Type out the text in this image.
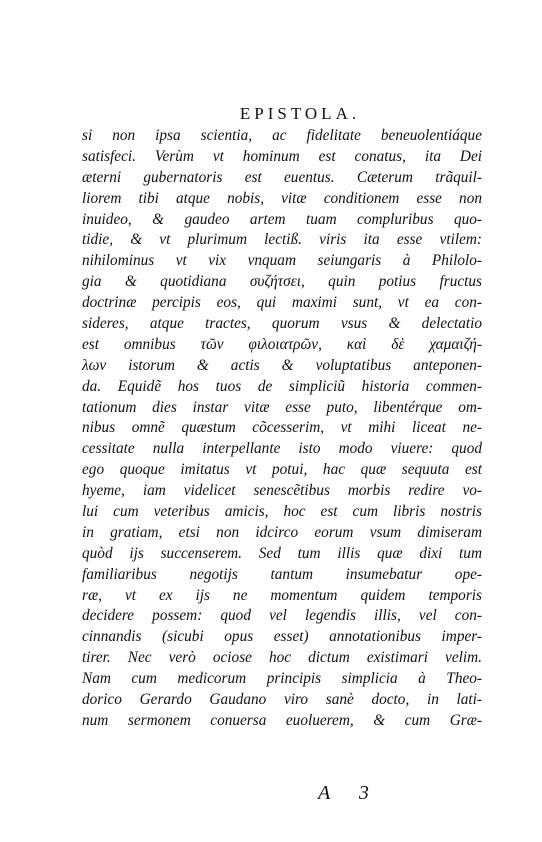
EPISTOLA.
si non ipsa scientia, ac fidelitate beneuolentiáque
satisfeci. Verùm vt hominum est conatus, ita Dei
æterni gubernatoris est euentus. Cæterum trãquil-
liorem tibi atque nobis, vitæ conditionem esse non
inuideo, & gaudeo artem tuam compluribus quo-
tidie, & vt plurimum lectiß. viris ita esse vtilem:
nihilominus vt vix vnquam seiungaris à Philolo-
gia & quotidiana συζήτσει, quin potius fructus
doctrinæ percipis eos, qui maximi sunt, vt ea con-
sideres, atque tractes, quorum vsus & delectatio
est omnibus τῶν φιλοιατρῶν, καὶ δὲ χαμαιζή-
λων istorum & actis & voluptatibus anteponen-
da. Equidẽ hos tuos de simpliciũ historia commen-
tationum dies instar vitæ esse puto, libentérque om-
nibus omnẽ quæstum cõcesserim, vt mihi liceat ne-
cessitate nulla interpellante isto modo viuere: quod
ego quoque imitatus vt potui, hac quæ sequuta est
hyeme, iam videlicet senescẽtibus morbis redire vo-
lui cum veteribus amicis, hoc est cum libris nostris
in gratiam, etsi non idcirco eorum vsum dimiseram
quòd ijs succenserem. Sed tum illis quæ dixi tum
familiaribus negotijs tantum insumebatur ope-
ræ, vt ex ijs ne momentum quidem temporis
decidere possem: quod vel legendis illis, vel con-
cinnandis (sicubi opus esset) annotationibus imper-
tirer. Nec verò ociose hoc dictum existimari velim.
Nam cum medicorum principis simplicia à Theo-
dorico Gerardo Gaudano viro sanè docto, in lati-
num sermonem conuersa euoluerem, & cum Græ-
A 3
